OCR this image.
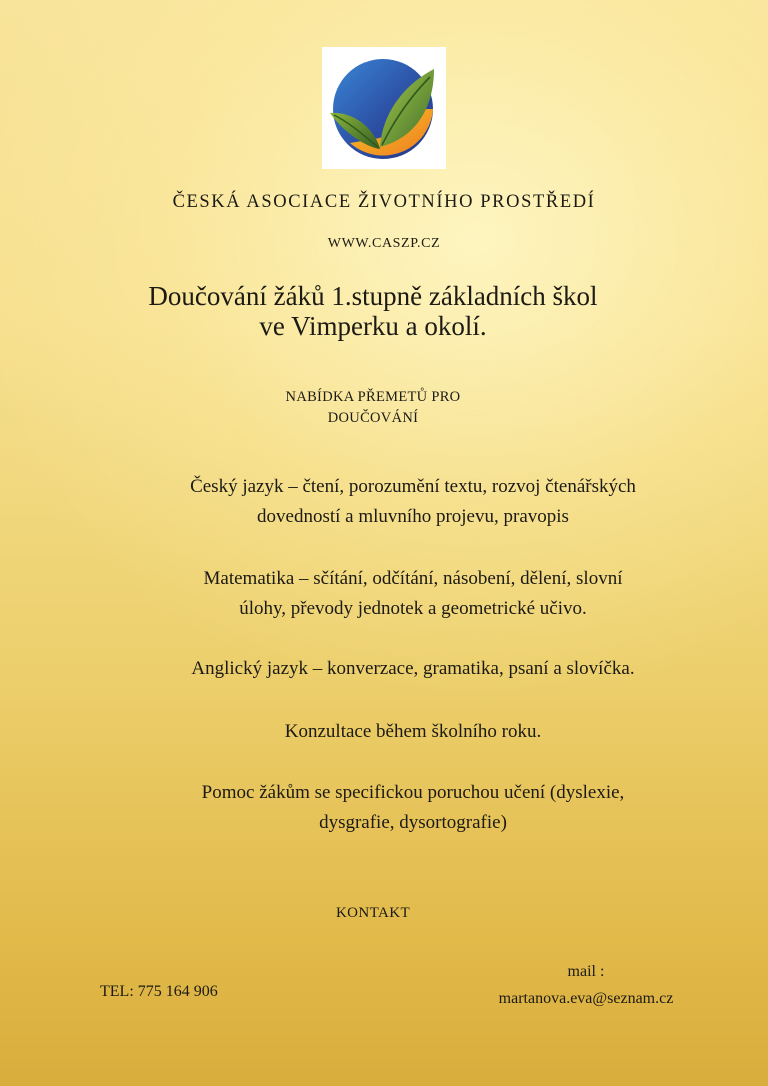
ČESKÁ ASOCIACE ŽIVOTNÍHO PROSTŘEDÍ
WWW.CASZP.CZ
Doučování žáků 1.stupně základních škol
ve Vimperku a okolí.
NABÍDKA PŘEMETŮ PRO
DOUČOVÁNÍ
Český jazyk – čtení, porozumění textu, rozvoj čtenářských
dovedností a mluvního projevu, pravopis
Matematika – sčítání, odčítání, násobení, dělení, slovní
úlohy, převody jednotek a geometrické učivo.
Anglický jazyk – konverzace, gramatika, psaní a slovíčka.
Konzultace během školního roku.
Pomoc žákům se specifickou poruchou učení (dyslexie,
dysgrafie, dysortografie)
KONTAKT
TEL: 775 164 906
mail :
martanova.eva@seznam.cz
